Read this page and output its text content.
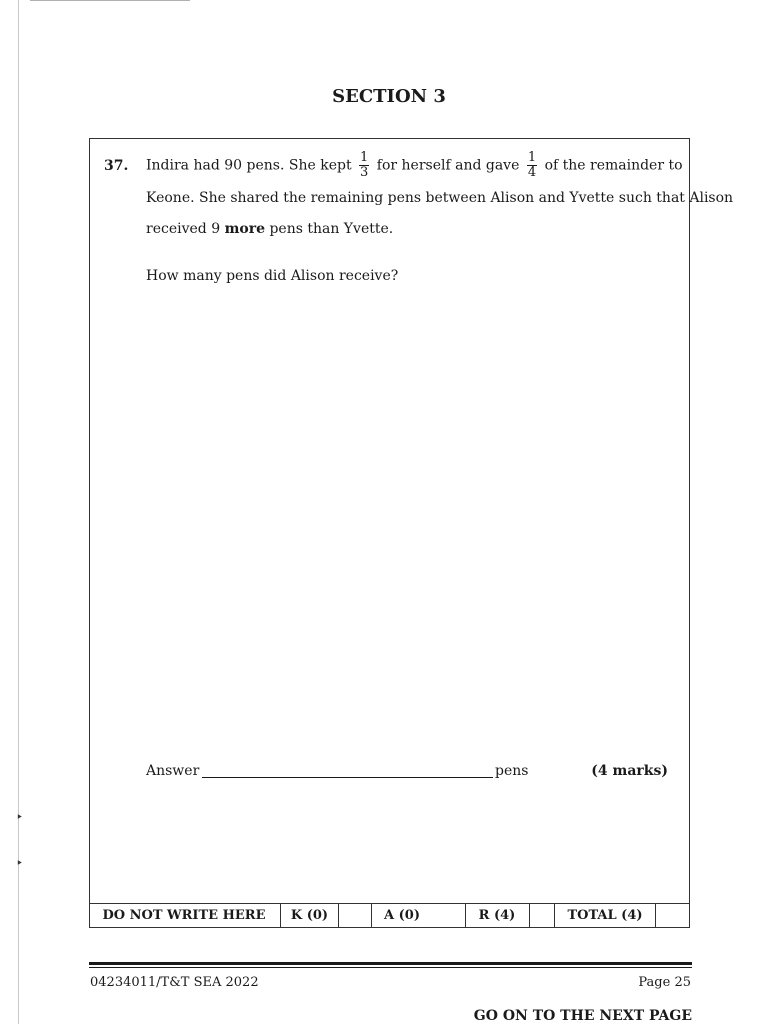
‣
‣
SECTION 3
37. Indira had 90 pens. She kept $\frac{1}{3}$ for herself and gave $\frac{1}{4}$ of the remainder to
Keone. She shared the remaining pens between Alison and Yvette such that Alison
received 9 more pens than Yvette.
How many pens did Alison receive?
Answer	pens	(4 marks)
DO NOT WRITE HERE	K (0)	A (0)	R (4)	TOTAL (4)
04234011/T&T SEA 2022	Page 25
GO ON TO THE NEXT PAGE
